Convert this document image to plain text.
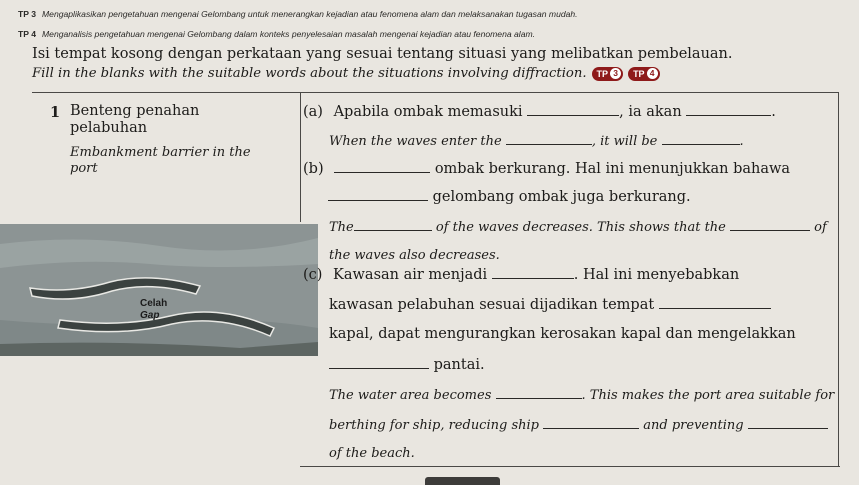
TP 3 Mengaplikasikan pengetahuan mengenai Gelombang untuk menerangkan kejadian atau fenomena alam dan melaksanakan tugasan mudah.
TP 4 Menganalisis pengetahuan mengenai Gelombang dalam konteks penyelesaian masalah mengenai kejadian atau fenomena alam.
Isi tempat kosong dengan perkataan yang sesuai tentang situasi yang melibatkan pembelauan.
Fill in the blanks with the suitable words about the situations involving diffraction. TP 3	TP 4
1 Benteng penahan
pelabuhan
Embankment barrier in the
port
Celah
Gap
(a) Apabila ombak memasuki	, ia akan	.
When the waves enter the	, it will be	.
(b)	ombak berkurang. Hal ini menunjukkan bahawa
gelombang ombak juga berkurang.
The	of the waves decreases. This shows that the	of
the waves also decreases.
(c) Kawasan air menjadi	. Hal ini menyebabkan
kawasan pelabuhan sesuai dijadikan tempat
kapal, dapat mengurangkan kerosakan kapal dan mengelakkan
pantai.
The water area becomes	. This makes the port area suitable for
berthing for ship, reducing ship	and preventing
of the beach.
